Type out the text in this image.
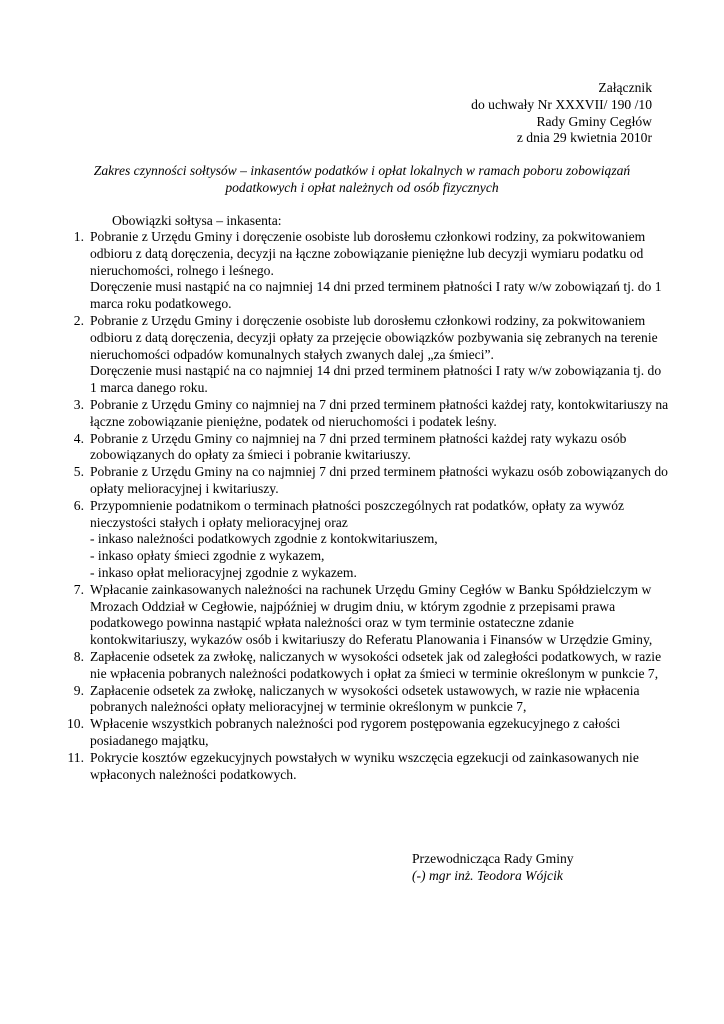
Załącznik
do uchwały Nr XXXVII/ 190 /10
Rady Gminy Cegłów
z dnia 29 kwietnia 2010r
Zakres czynności sołtysów – inkasentów podatków i opłat lokalnych w ramach poboru zobowiązań podatkowych i opłat należnych od osób fizycznych
Obowiązki sołtysa – inkasenta:
1. Pobranie z Urzędu Gminy i doręczenie osobiste lub dorosłemu członkowi rodziny, za pokwitowaniem odbioru z datą doręczenia, decyzji na łączne zobowiązanie pieniężne lub decyzji wymiaru podatku od nieruchomości, rolnego i leśnego.
Doręczenie musi nastąpić na co najmniej 14 dni przed terminem płatności I raty w/w zobowiązań tj. do 1 marca roku podatkowego.
2. Pobranie z Urzędu Gminy i doręczenie osobiste lub dorosłemu członkowi rodziny, za pokwitowaniem odbioru z datą doręczenia, decyzji opłaty za przejęcie obowiązków pozbywania się zebranych na terenie nieruchomości odpadów komunalnych stałych zwanych dalej „za śmieci”.
Doręczenie musi nastąpić na co najmniej 14 dni przed terminem płatności I raty w/w zobowiązania tj. do 1 marca danego roku.
3. Pobranie z Urzędu Gminy co najmniej na 7 dni przed terminem płatności każdej raty, kontokwitariuszy na łączne zobowiązanie pieniężne, podatek od nieruchomości i podatek leśny.
4. Pobranie z Urzędu Gminy co najmniej na 7 dni przed terminem płatności każdej raty wykazu osób zobowiązanych do opłaty za śmieci i pobranie kwitariuszy.
5. Pobranie z Urzędu Gminy na co najmniej 7 dni przed terminem płatności wykazu osób zobowiązanych do opłaty melioracyjnej i kwitariuszy.
6. Przypomnienie podatnikom o terminach płatności poszczególnych rat podatków, opłaty za wywóz nieczystości stałych i opłaty melioracyjnej oraz
- inkaso należności podatkowych zgodnie z kontokwitariuszem,
- inkaso opłaty śmieci zgodnie z wykazem,
- inkaso opłat melioracyjnej zgodnie z wykazem.
7. Wpłacanie zainkasowanych należności na rachunek Urzędu Gminy Cegłów w Banku Spółdzielczym w Mrozach Oddział w Cegłowie, najpóźniej w drugim dniu, w którym zgodnie z przepisami prawa podatkowego powinna nastąpić wpłata należności oraz w tym terminie ostateczne zdanie kontokwitariuszy, wykazów osób i kwitariuszy do Referatu Planowania i Finansów w Urzędzie Gminy,
8. Zapłacenie odsetek za zwłokę, naliczanych w wysokości odsetek jak od zaległości podatkowych, w razie nie wpłacenia pobranych należności podatkowych i opłat za śmieci w terminie określonym w punkcie 7,
9. Zapłacenie odsetek za zwłokę, naliczanych w wysokości odsetek ustawowych, w razie nie wpłacenia pobranych należności opłaty melioracyjnej w terminie określonym w punkcie 7,
10. Wpłacenie wszystkich pobranych należności pod rygorem postępowania egzekucyjnego z całości posiadanego majątku,
11. Pokrycie kosztów egzekucyjnych powstałych w wyniku wszczęcia egzekucji od zainkasowanych nie wpłaconych należności podatkowych.
Przewodnicząca Rady Gminy
(-) mgr inż. Teodora Wójcik
